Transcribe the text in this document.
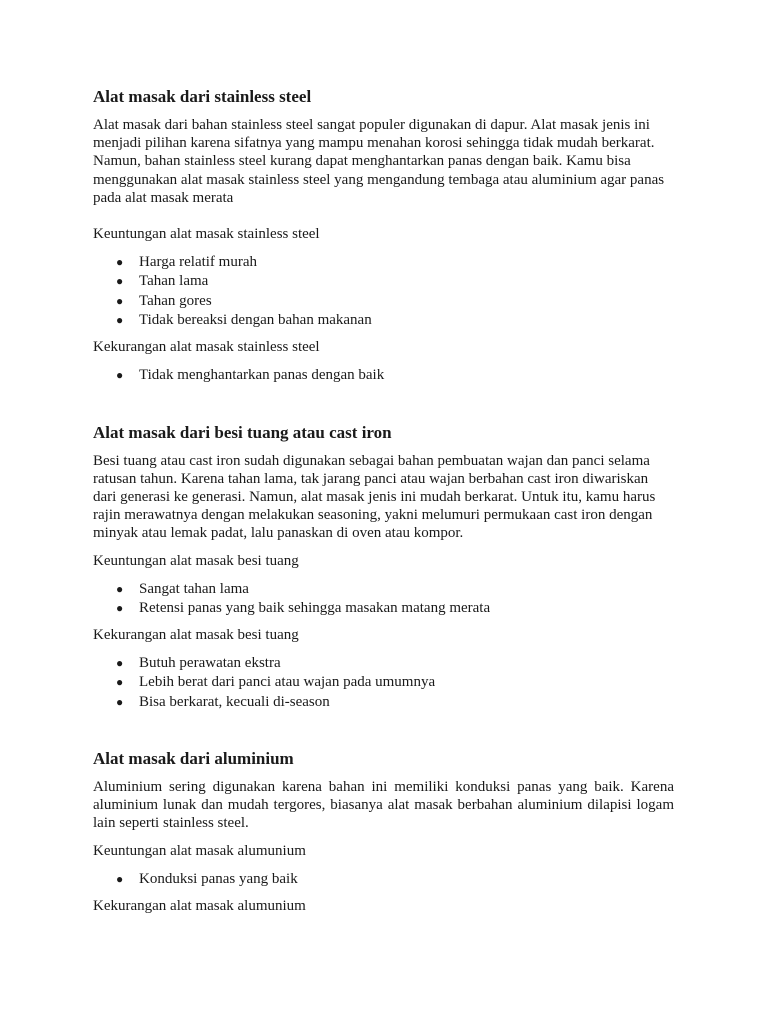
Alat masak dari stainless steel

Alat masak dari bahan stainless steel sangat populer digunakan di dapur. Alat masak jenis ini menjadi pilihan karena sifatnya yang mampu menahan korosi sehingga tidak mudah berkarat. Namun, bahan stainless steel kurang dapat menghantarkan panas dengan baik. Kamu bisa menggunakan alat masak stainless steel yang mengandung tembaga atau aluminium agar panas pada alat masak merata

Keuntungan alat masak stainless steel

● Harga relatif murah
● Tahan lama
● Tahan gores
● Tidak bereaksi dengan bahan makanan

Kekurangan alat masak stainless steel

● Tidak menghantarkan panas dengan baik
Alat masak dari besi tuang atau cast iron

Besi tuang atau cast iron sudah digunakan sebagai bahan pembuatan wajan dan panci selama ratusan tahun. Karena tahan lama, tak jarang panci atau wajan berbahan cast iron diwariskan dari generasi ke generasi. Namun, alat masak jenis ini mudah berkarat. Untuk itu, kamu harus rajin merawatnya dengan melakukan seasoning, yakni melumuri permukaan cast iron dengan minyak atau lemak padat, lalu panaskan di oven atau kompor.

Keuntungan alat masak besi tuang

● Sangat tahan lama
● Retensi panas yang baik sehingga masakan matang merata

Kekurangan alat masak besi tuang

● Butuh perawatan ekstra
● Lebih berat dari panci atau wajan pada umumnya
● Bisa berkarat, kecuali di-season
Alat masak dari aluminium

Aluminium sering digunakan karena bahan ini memiliki konduksi panas yang baik. Karena aluminium lunak dan mudah tergores, biasanya alat masak berbahan aluminium dilapisi logam lain seperti stainless steel.

Keuntungan alat masak alumunium

● Konduksi panas yang baik

Kekurangan alat masak alumunium
